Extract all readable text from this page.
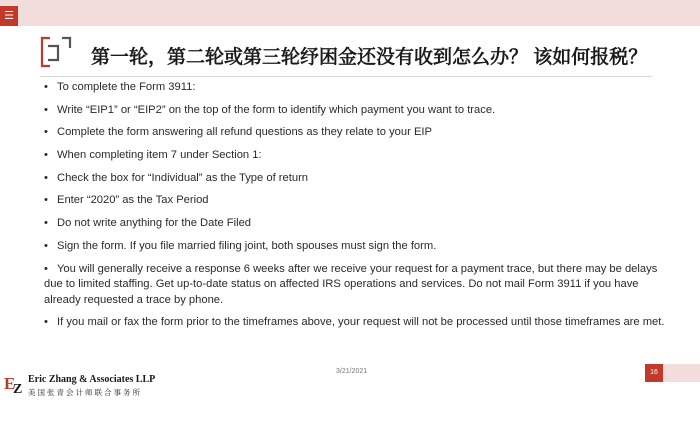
☰
第一轮，第二轮或第三轮纾困金还没有收到怎么办？ 该如何报税？
• To complete the Form 3911:
• Write “EIP1” or “EIP2” on the top of the form to identify which payment you want to trace.
• Complete the form answering all refund questions as they relate to your EIP
• When completing item 7 under Section 1:
• Check the box for “Individual” as the Type of return
• Enter “2020” as the Tax Period
• Do not write anything for the Date Filed
• Sign the form. If you file married filing joint, both spouses must sign the form.
• You will generally receive a response 6 weeks after we receive your request for a payment trace, but there may be delays due to limited staffing. Get up-to-date status on affected IRS operations and services. Do not mail Form 3911 if you have already requested a trace by phone.
• If you mail or fax the form prior to the timeframes above, your request will not be processed until those timeframes are met.
3/21/2021	16
E
Z
Eric Zhang & Associates LLP
美国张青会计师联合事务所
